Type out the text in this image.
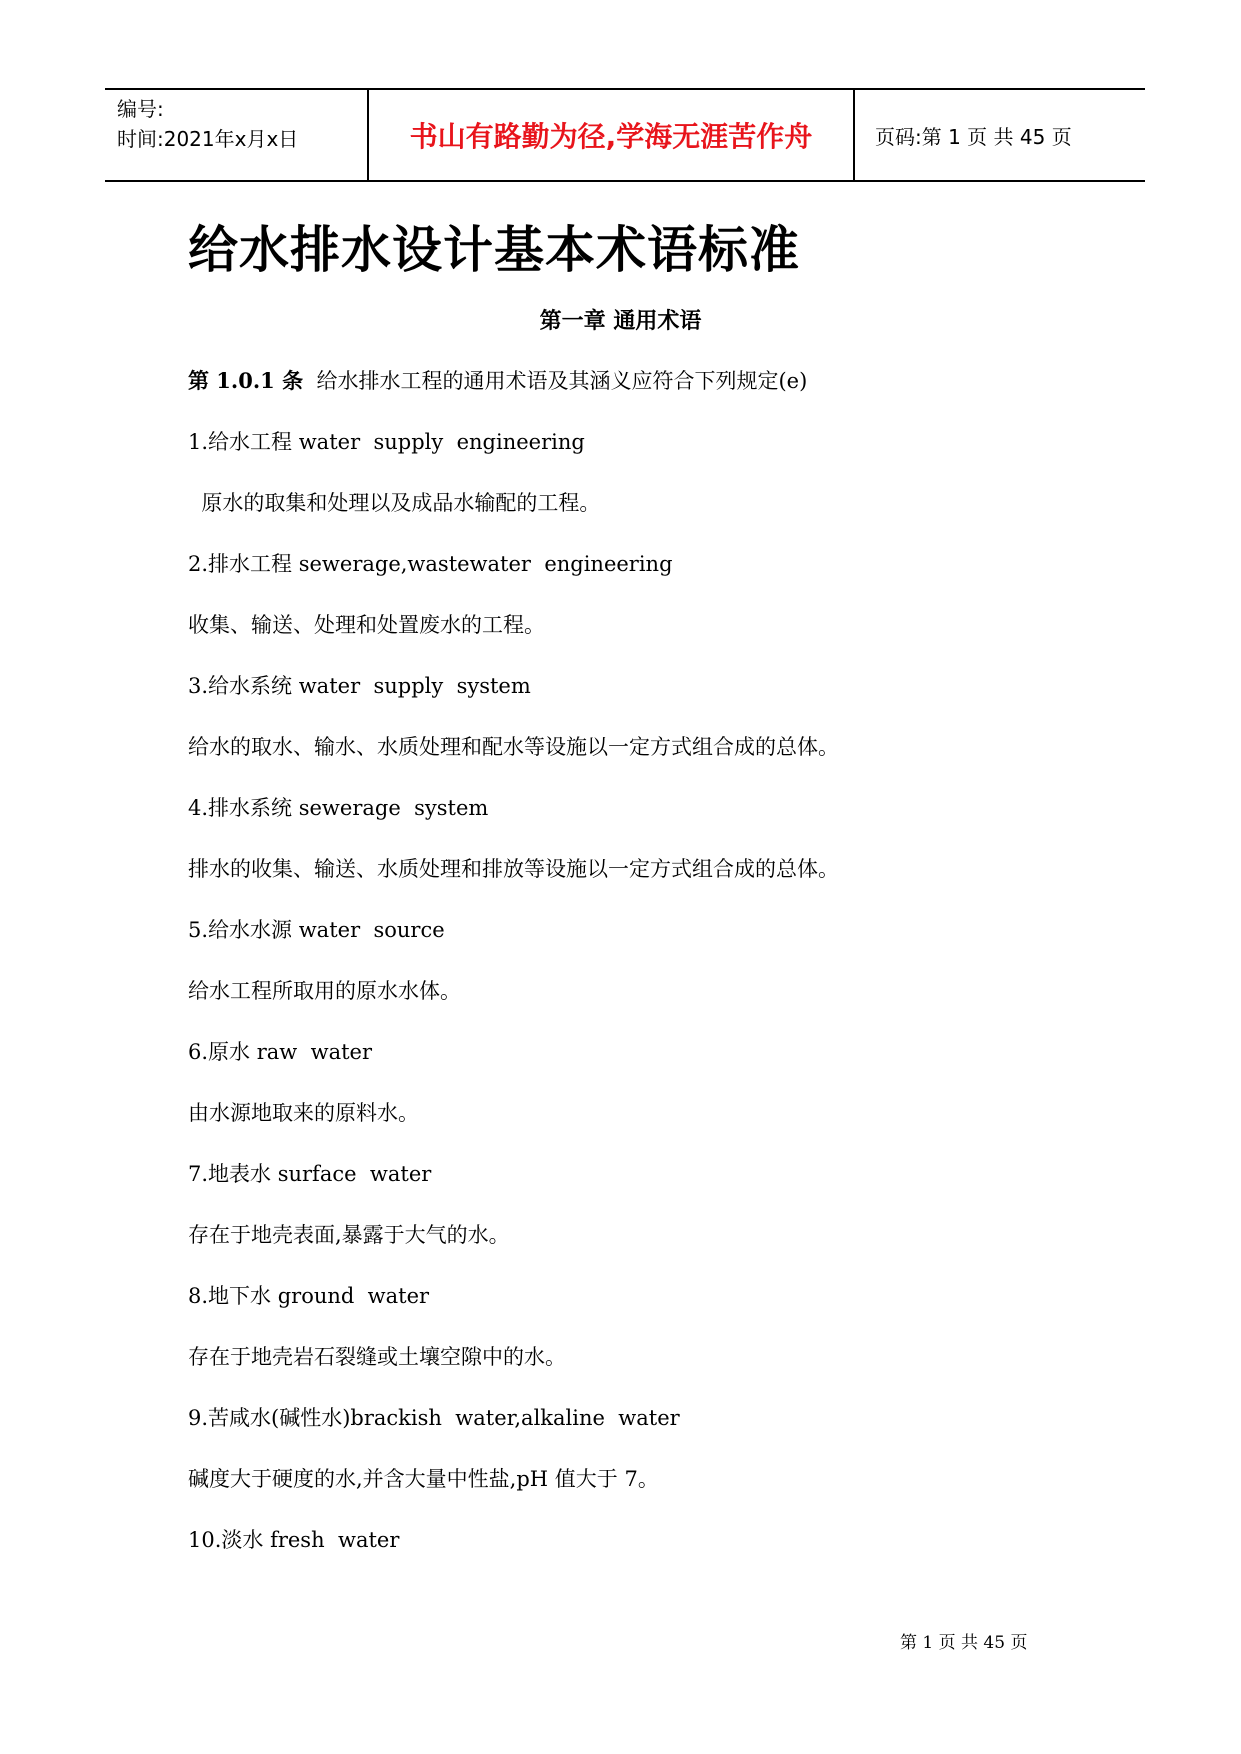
编号:
时间:2021年x月x日	书山有路勤为径,学海无涯苦作舟	页码:第 1 页 共 45 页
给水排水设计基本术语标准
第一章 通用术语
第 1.0.1 条  给水排水工程的通用术语及其涵义应符合下列规定(e)
1.给水工程 water  supply  engineering
原水的取集和处理以及成品水输配的工程。
2.排水工程 sewerage,wastewater  engineering
收集、输送、处理和处置废水的工程。
3.给水系统 water  supply  system
给水的取水、输水、水质处理和配水等设施以一定方式组合成的总体。
4.排水系统 sewerage  system
排水的收集、输送、水质处理和排放等设施以一定方式组合成的总体。
5.给水水源 water  source
给水工程所取用的原水水体。
6.原水 raw  water
由水源地取来的原料水。
7.地表水 surface  water
存在于地壳表面,暴露于大气的水。
8.地下水 ground  water
存在于地壳岩石裂缝或土壤空隙中的水。
9.苦咸水(碱性水)brackish  water,alkaline  water
碱度大于硬度的水,并含大量中性盐,pH 值大于 7。
10.淡水 fresh  water
第 1 页 共 45 页
